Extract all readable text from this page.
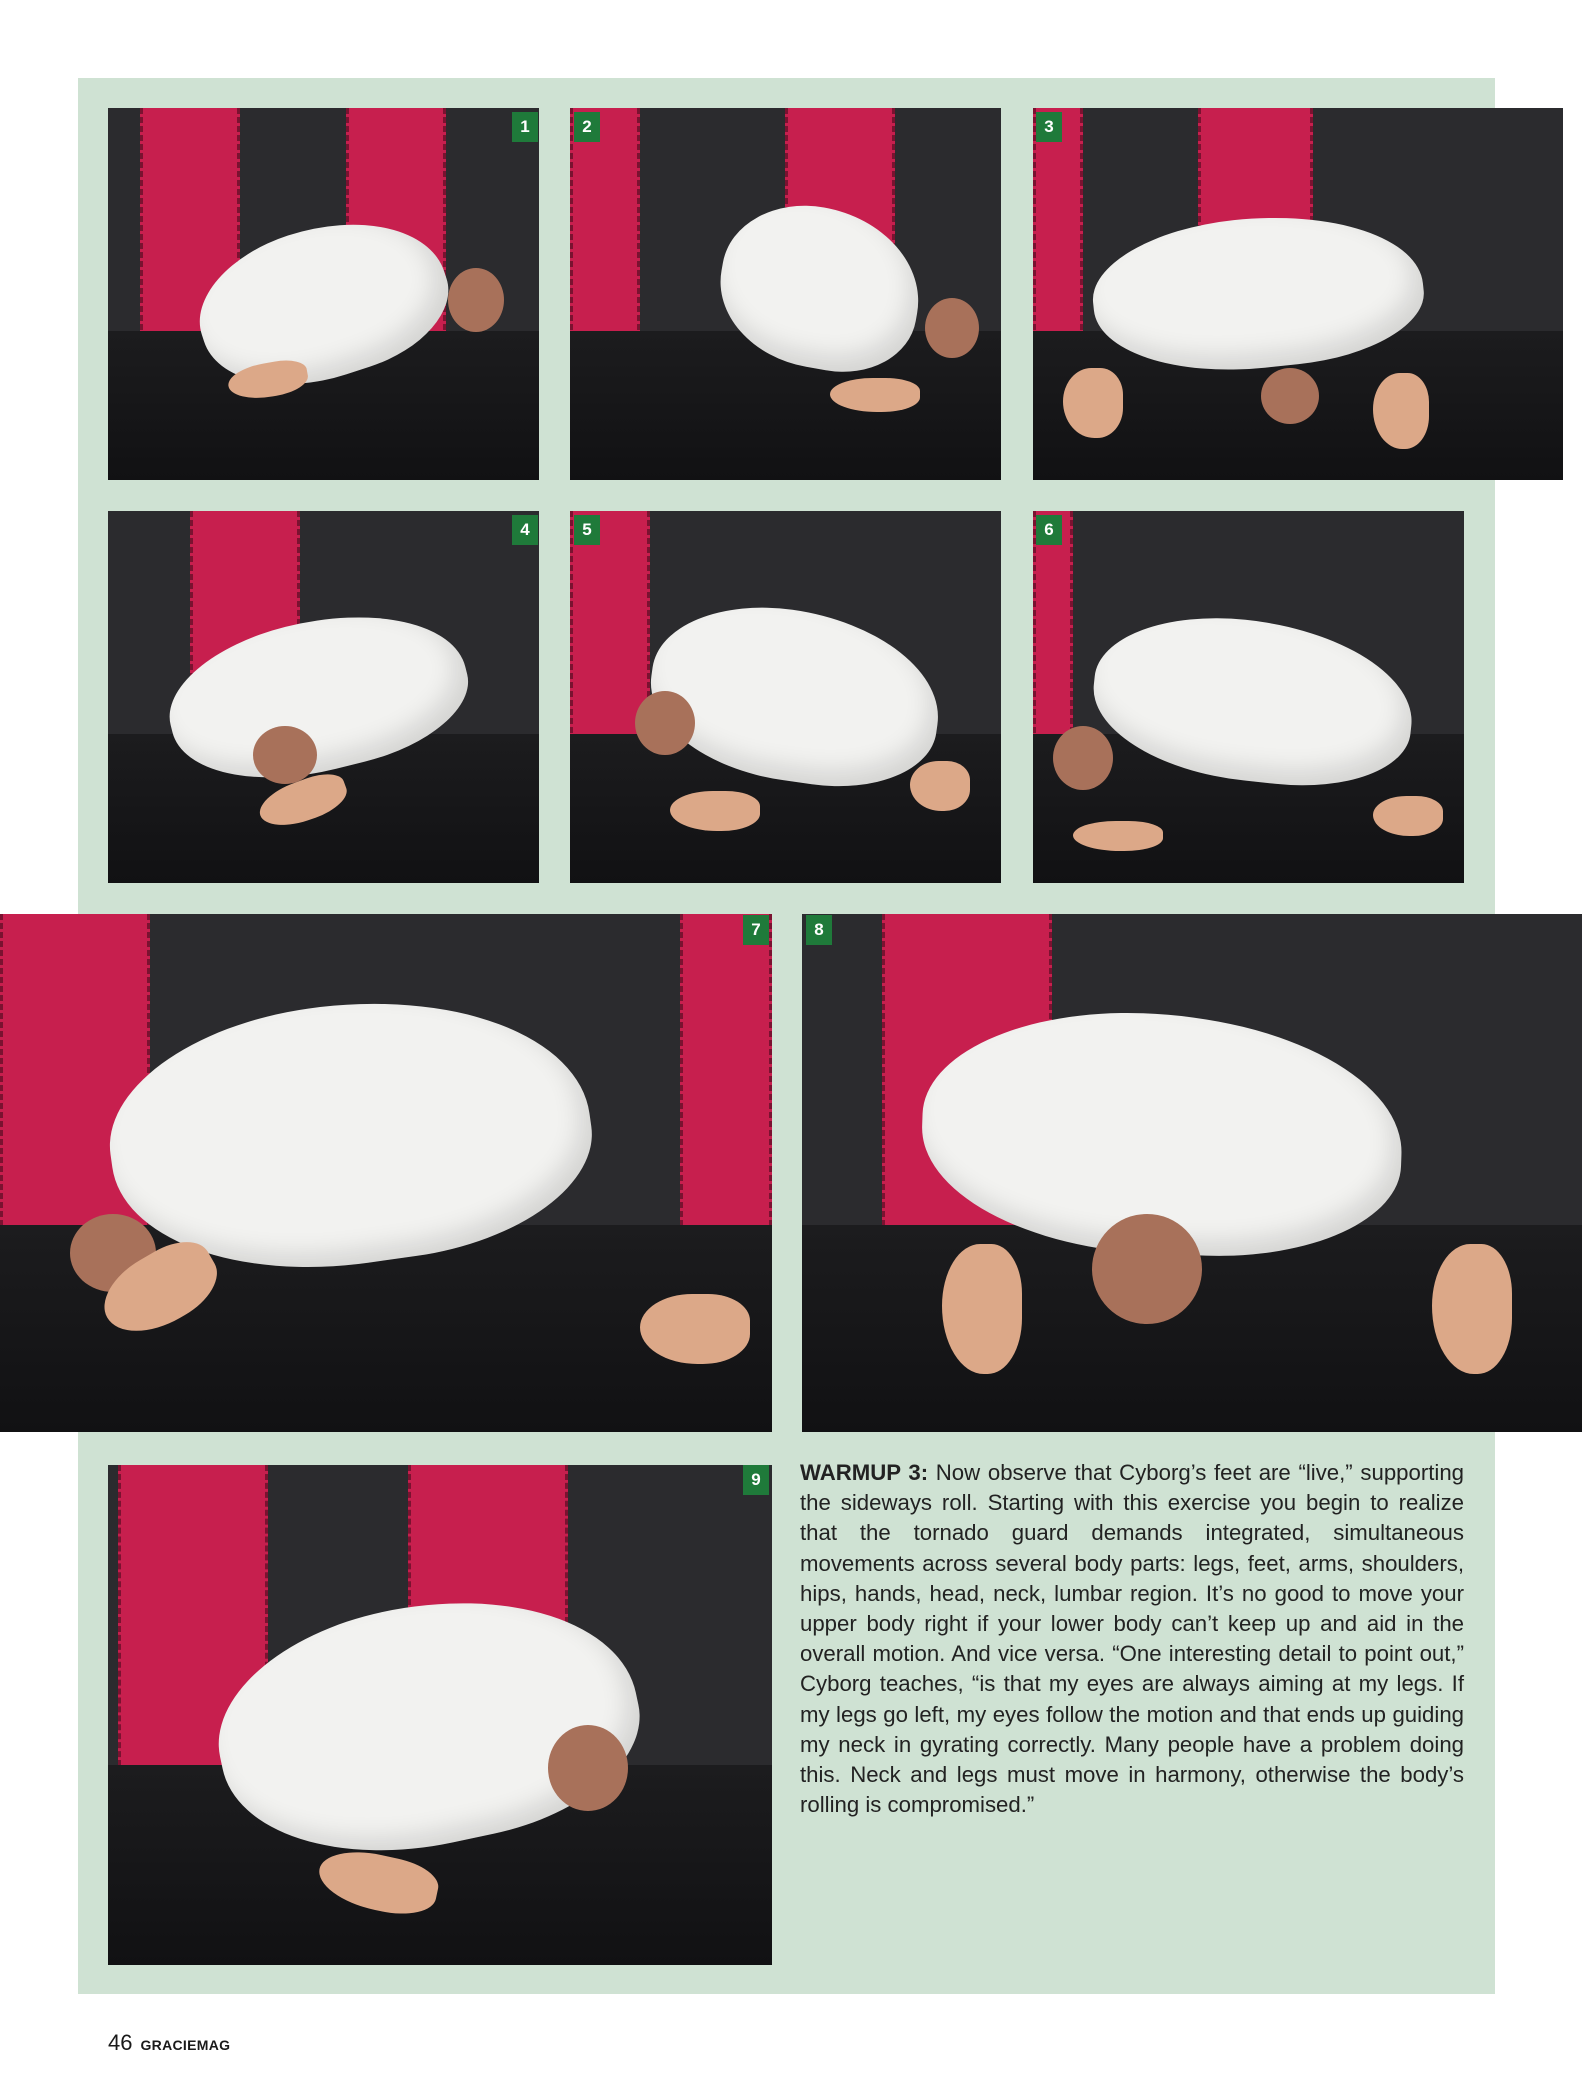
1	2	3
4	5	6
7	8
9	WARMUP 3: Now observe that Cyborg’s feet are “live,” supporting the sideways roll. Starting with this exercise you begin to realize that the tornado guard demands integrated, simultaneous movements across several body parts: legs, feet, arms, shoulders, hips, hands, head, neck, lumbar region. It’s no good to move your upper body right if your lower body can’t keep up and aid in the overall motion. And vice versa. “One interesting detail to point out,” Cyborg teaches, “is that my eyes are always aiming at my legs. If my legs go left, my eyes follow the motion and that ends up guiding my neck in gyrating correctly. Many people have a problem doing this. Neck and legs must move in harmony, otherwise the body’s rolling is compromised.”
46 GRACIEMAG
